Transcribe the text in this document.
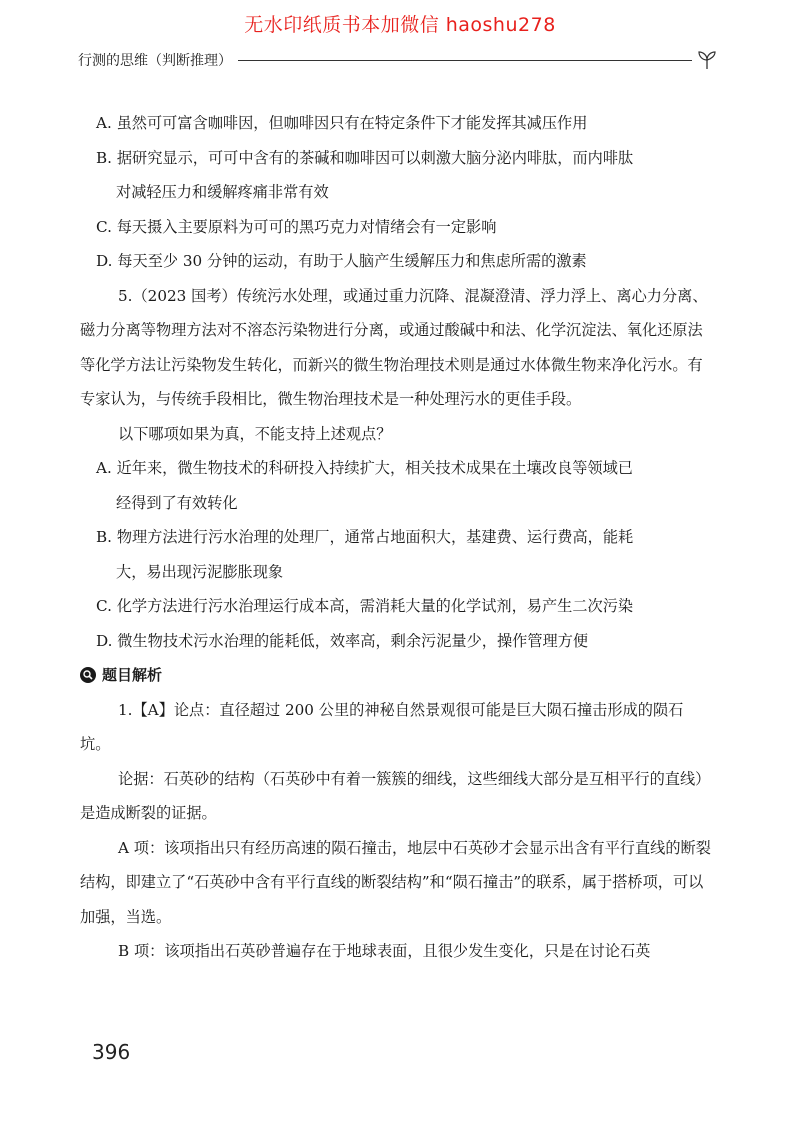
无水印纸质书本加微信 haoshu278
行测的思维（判断推理）

A. 虽然可可富含咖啡因，但咖啡因只有在特定条件下才能发挥其减压作用

B. 据研究显示，可可中含有的茶碱和咖啡因可以刺激大脑分泌内啡肽，而内啡肽

对减轻压力和缓解疼痛非常有效

C. 每天摄入主要原料为可可的黑巧克力对情绪会有一定影响

D. 每天至少 30 分钟的运动，有助于人脑产生缓解压力和焦虑所需的激素

5.（2023 国考）传统污水处理，或通过重力沉降、混凝澄清、浮力浮上、离心力分离、磁力分离等物理方法对不溶态污染物进行分离，或通过酸碱中和法、化学沉淀法、氧化还原法等化学方法让污染物发生转化，而新兴的微生物治理技术则是通过水体微生物来净化污水。有专家认为，与传统手段相比，微生物治理技术是一种处理污水的更佳手段。

以下哪项如果为真，不能支持上述观点？

A. 近年来，微生物技术的科研投入持续扩大，相关技术成果在土壤改良等领域已

经得到了有效转化

B. 物理方法进行污水治理的处理厂，通常占地面积大，基建费、运行费高，能耗

大，易出现污泥膨胀现象

C. 化学方法进行污水治理运行成本高，需消耗大量的化学试剂，易产生二次污染

D. 微生物技术污水治理的能耗低，效率高，剩余污泥量少，操作管理方便

题目解析

1.【A】论点：直径超过 200 公里的神秘自然景观很可能是巨大陨石撞击形成的陨石坑。

论据：石英砂的结构（石英砂中有着一簇簇的细线，这些细线大部分是互相平行的直线）是造成断裂的证据。

A 项：该项指出只有经历高速的陨石撞击，地层中石英砂才会显示出含有平行直线的断裂结构，即建立了“石英砂中含有平行直线的断裂结构”和“陨石撞击”的联系，属于搭桥项，可以加强，当选。

B 项：该项指出石英砂普遍存在于地球表面，且很少发生变化，只是在讨论石英

396
